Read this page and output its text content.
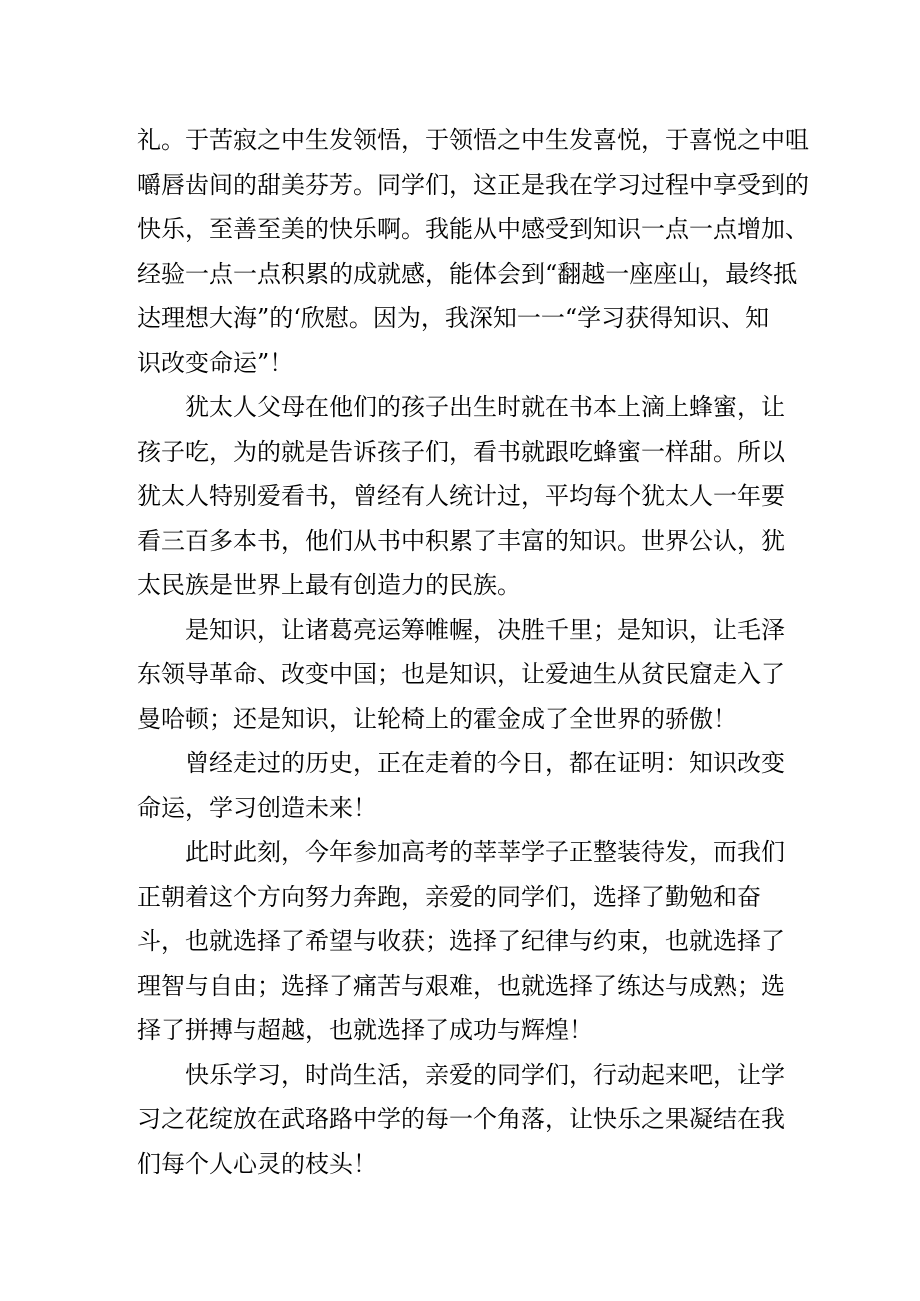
礼。于苦寂之中生发领悟，于领悟之中生发喜悦，于喜悦之中咀
嚼唇齿间的甜美芬芳。同学们，这正是我在学习过程中享受到的
快乐，至善至美的快乐啊。我能从中感受到知识一点一点增加、
经验一点一点积累的成就感，能体会到“翻越一座座山，最终抵
达理想大海”的‘欣慰。因为，我深知一一“学习获得知识、知
识改变命运”！
犹太人父母在他们的孩子出生时就在书本上滴上蜂蜜，让
孩子吃，为的就是告诉孩子们，看书就跟吃蜂蜜一样甜。所以
犹太人特别爱看书，曾经有人统计过，平均每个犹太人一年要
看三百多本书，他们从书中积累了丰富的知识。世界公认，犹
太民族是世界上最有创造力的民族。
是知识，让诸葛亮运筹帷幄，决胜千里；是知识，让毛泽
东领导革命、改变中国；也是知识，让爱迪生从贫民窟走入了
曼哈顿；还是知识，让轮椅上的霍金成了全世界的骄傲！
曾经走过的历史，正在走着的今日，都在证明：知识改变
命运，学习创造未来！
此时此刻，今年参加高考的莘莘学子正整装待发，而我们
正朝着这个方向努力奔跑，亲爱的同学们，选择了勤勉和奋
斗，也就选择了希望与收获；选择了纪律与约束，也就选择了
理智与自由；选择了痛苦与艰难，也就选择了练达与成熟；选
择了拼搏与超越，也就选择了成功与辉煌！
快乐学习，时尚生活，亲爱的同学们，行动起来吧，让学
习之花绽放在武珞路中学的每一个角落，让快乐之果凝结在我
们每个人心灵的枝头！
